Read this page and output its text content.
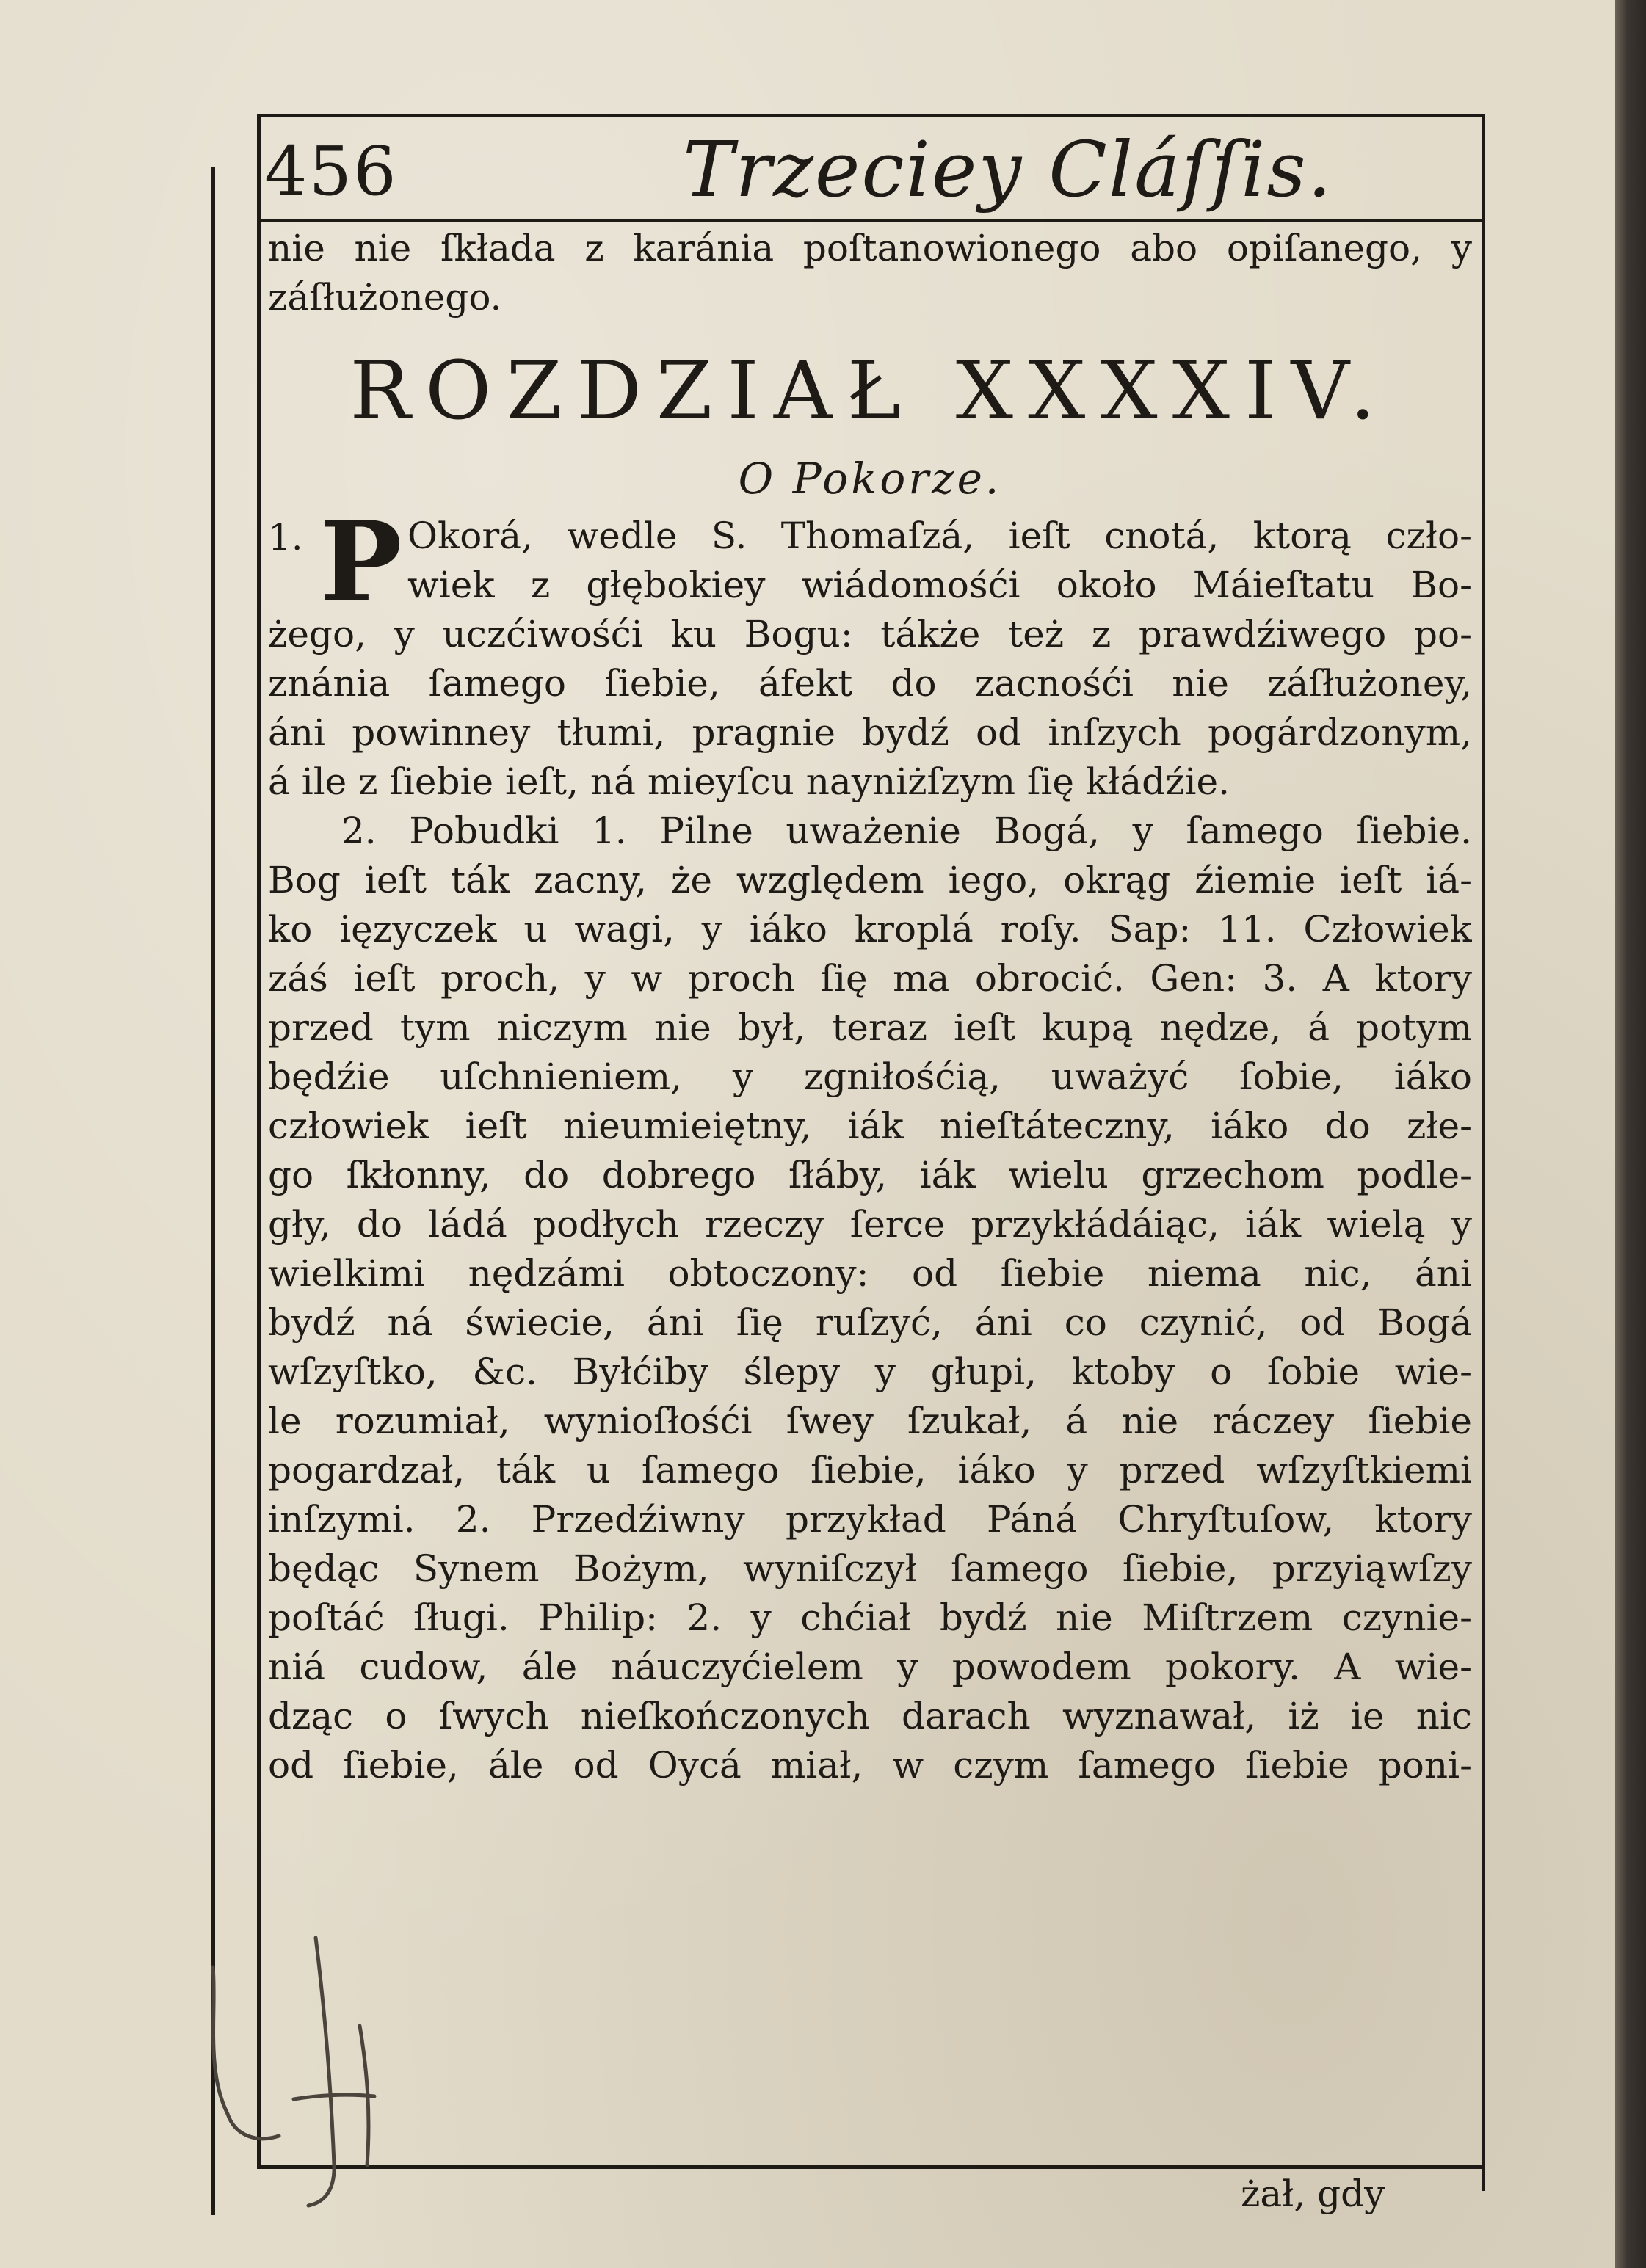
456	Trzeciey Cláſſis.
nie nie ſkłada z karánia poſtanowionego abo opiſanego, y
záſłużonego.
ROZDZIAŁ XXXXIV.
O Pokorze.
1. P Okorá, wedle S. Thomaſzá, ieſt cnotá, ktorą czło-
wiek z głębokiey wiádomośći około Máieſtatu Bo-
żego, y uczćiwośći ku Bogu: tákże też z prawdźiwego po-
znánia ſamego ſiebie, áfekt do zacnośći nie záſłużoney,
áni powinney tłumi, pragnie bydź od inſzych pogárdzonym,
á ile z ſiebie ieſt, ná mieyſcu nayniżſzym ſię kłádźie.
2. Pobudki 1. Pilne uważenie Bogá, y ſamego ſiebie.
Bog ieſt ták zacny, że względem iego, okrąg źiemie ieſt iá-
ko ięzyczek u wagi, y iáko kroplá roſy. Sap: 11. Człowiek
záś ieſt proch, y w proch ſię ma obrocić. Gen: 3. A ktory
przed tym niczym nie był, teraz ieſt kupą nędze, á potym
będźie uſchnieniem, y zgniłośćią, uważyć ſobie, iáko
człowiek ieſt nieumieiętny, iák nieſtáteczny, iáko do złe-
go ſkłonny, do dobrego ſłáby, iák wielu grzechom podle-
gły, do ládá podłych rzeczy ſerce przykłádáiąc, iák wielą y
wielkimi nędzámi obtoczony: od ſiebie niema nic, áni
bydź ná świecie, áni ſię ruſzyć, áni co czynić, od Bogá
wſzyſtko, &c. Byłćiby ślepy y głupi, ktoby o ſobie wie-
le rozumiał, wynioſłośći ſwey ſzukał, á nie ráczey ſiebie
pogardzał, ták u ſamego ſiebie, iáko y przed wſzyſtkiemi
inſzymi. 2. Przedźiwny przykład Páná Chryſtuſow, ktory
będąc Synem Bożym, wyniſczył ſamego ſiebie, przyiąwſzy
poſtáć ſługi. Philip: 2. y chćiał bydź nie Miſtrzem czynie-
niá cudow, ále náuczyćielem y powodem pokory. A wie-
dząc o ſwych nieſkończonych darach wyznawał, iż ie nic
od ſiebie, ále od Oycá miał, w czym ſamego ſiebie poni-
żał, gdy
